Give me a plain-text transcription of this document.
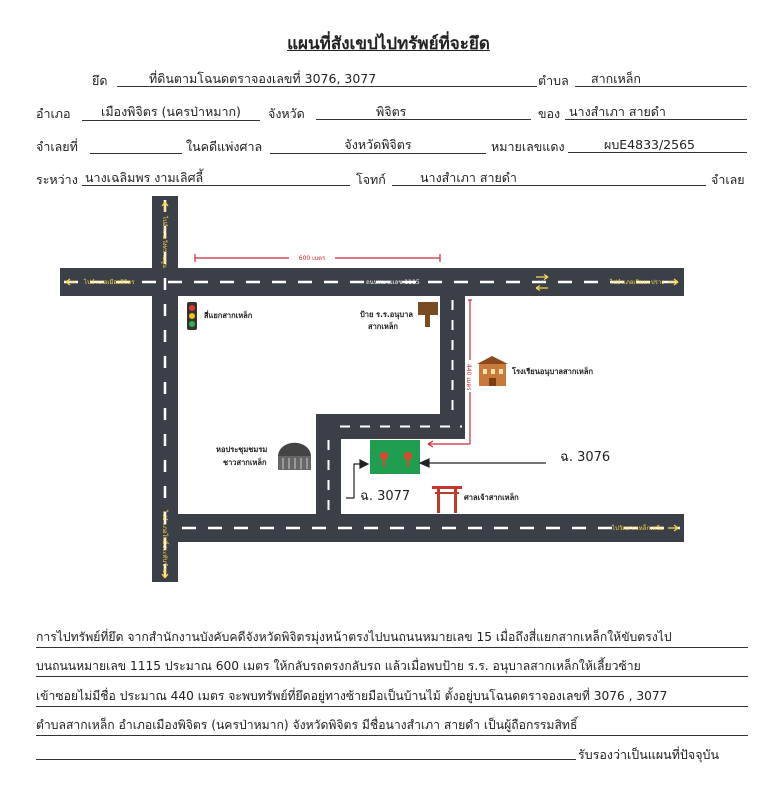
แผนที่สังเขปไปทรัพย์ที่จะยึด
ยึด	ที่ดินตามโฉนดตราจองเลขที่ 3076, 3077	ตำบล	สากเหล็ก
อำเภอ	เมืองพิจิตร (นครป่าหมาก)	จังหวัด	พิจิตร	ของ นางสำเภา สายดำ
จำเลยที่	ในคดีแพ่งศาล	จังหวัดพิจิตร	หมายเลขแดง	ผบE4833/2565
ระหว่าง นางเฉลิมพร งามเลิศลี้	โจทก์	นางสำเภา สายดำ	จำเลย
ไปอำเภอเมืองพิจิตร	ถนนหมายเลข 1115	ไปอำเภอเนินมะปราง
ไปวัดสากเหล็กเหนือ
ไปอำเภอวังทรายพูน
ไปอำเภอโพธิ์ประทับช้าง
600 เมตร
440 เมตร
สี่แยกสากเหล็ก	ป้าย ร.ร.อนุบาล
สากเหล็ก
โรงเรียนอนุบาลสากเหล็ก
หอประชุมชมรม
ชาวสากเหล็ก	ฉ. 3076
ฉ. 3077	ศาลเจ้าสากเหล็ก
การไปทรัพย์ที่ยึด จากสำนักงานบังคับคดีจังหวัดพิจิตรมุ่งหน้าตรงไปบนถนนหมายเลข 15 เมื่อถึงสี่แยกสากเหล็กให้ขับตรงไป
บนถนนหมายเลข 1115 ประมาณ 600 เมตร ให้กลับรถตรงกลับรถ แล้วเมื่อพบป้าย ร.ร. อนุบาลสากเหล็กให้เลี้ยวซ้าย
เข้าซอยไม่มีชื่อ ประมาณ 440 เมตร จะพบทรัพย์ที่ยึดอยู่ทางซ้ายมือเป็นบ้านไม้ ตั้งอยู่บนโฉนดตราจองเลขที่ 3076 , 3077
ตำบลสากเหล็ก อำเภอเมืองพิจิตร (นครป่าหมาก) จังหวัดพิจิตร มีชื่อนางสำเภา สายดำ เป็นผู้ถือกรรมสิทธิ์
รับรองว่าเป็นแผนที่ปัจจุบัน
